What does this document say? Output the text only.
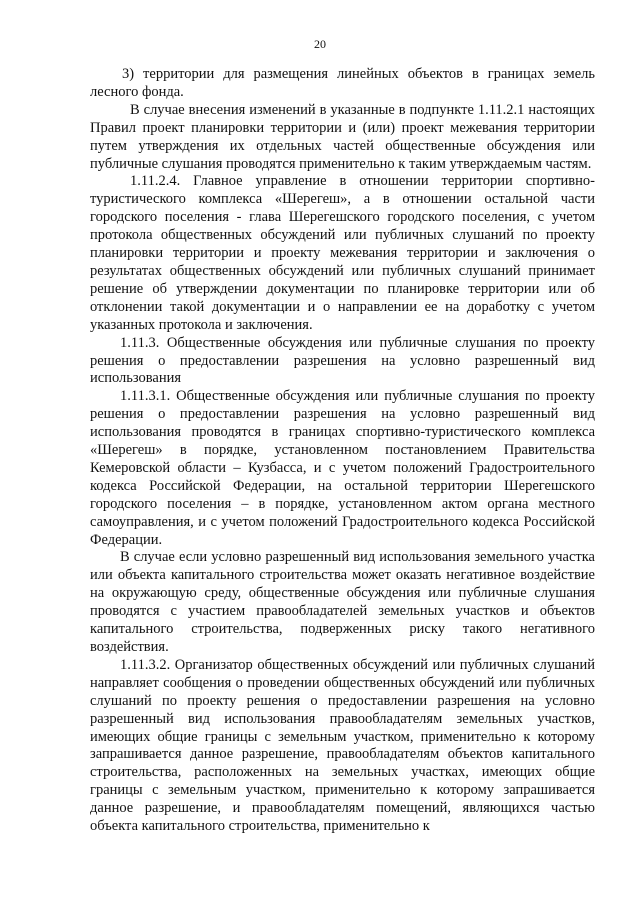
20

3) территории для размещения линейных объектов в границах земель лесного фонда.

В случае внесения изменений в указанные в подпункте 1.11.2.1 настоящих Правил проект планировки территории и (или) проект межевания территории путем утверждения их отдельных частей общественные обсуждения или публичные слушания проводятся применительно к таким утверждаемым частям.

1.11.2.4. Главное управление в отношении территории спортивно-туристического комплекса «Шерегеш», а в отношении остальной части городского поселения - глава Шерегешского городского поселения, с учетом протокола общественных обсуждений или публичных слушаний по проекту планировки территории и проекту межевания территории и заключения о результатах общественных обсуждений или публичных слушаний принимает решение об утверждении документации по планировке территории или об отклонении такой документации и о направлении ее на доработку с учетом указанных протокола и заключения.

1.11.3. Общественные обсуждения или публичные слушания по проекту решения о предоставлении разрешения на условно разрешенный вид использования

1.11.3.1. Общественные обсуждения или публичные слушания по проекту решения о предоставлении разрешения на условно разрешенный вид использования проводятся в границах спортивно-туристического комплекса «Шерегеш» в порядке, установленном постановлением Правительства Кемеровской области – Кузбасса, и с учетом положений Градостроительного кодекса Российской Федерации, на остальной территории Шерегешского городского поселения – в порядке, установленном актом органа местного самоуправления, и с учетом положений Градостроительного кодекса Российской Федерации.

В случае если условно разрешенный вид использования земельного участка или объекта капитального строительства может оказать негативное воздействие на окружающую среду, общественные обсуждения или публичные слушания проводятся с участием правообладателей земельных участков и объектов капитального строительства, подверженных риску такого негативного воздействия.

1.11.3.2. Организатор общественных обсуждений или публичных слушаний направляет сообщения о проведении общественных обсуждений или публичных слушаний по проекту решения о предоставлении разрешения на условно разрешенный вид использования правообладателям земельных участков, имеющих общие границы с земельным участком, применительно к которому запрашивается данное разрешение, правообладателям объектов капитального строительства, расположенных на земельных участках, имеющих общие границы с земельным участком, применительно к которому запрашивается данное разрешение, и правообладателям помещений, являющихся частью объекта капитального строительства, применительно к
